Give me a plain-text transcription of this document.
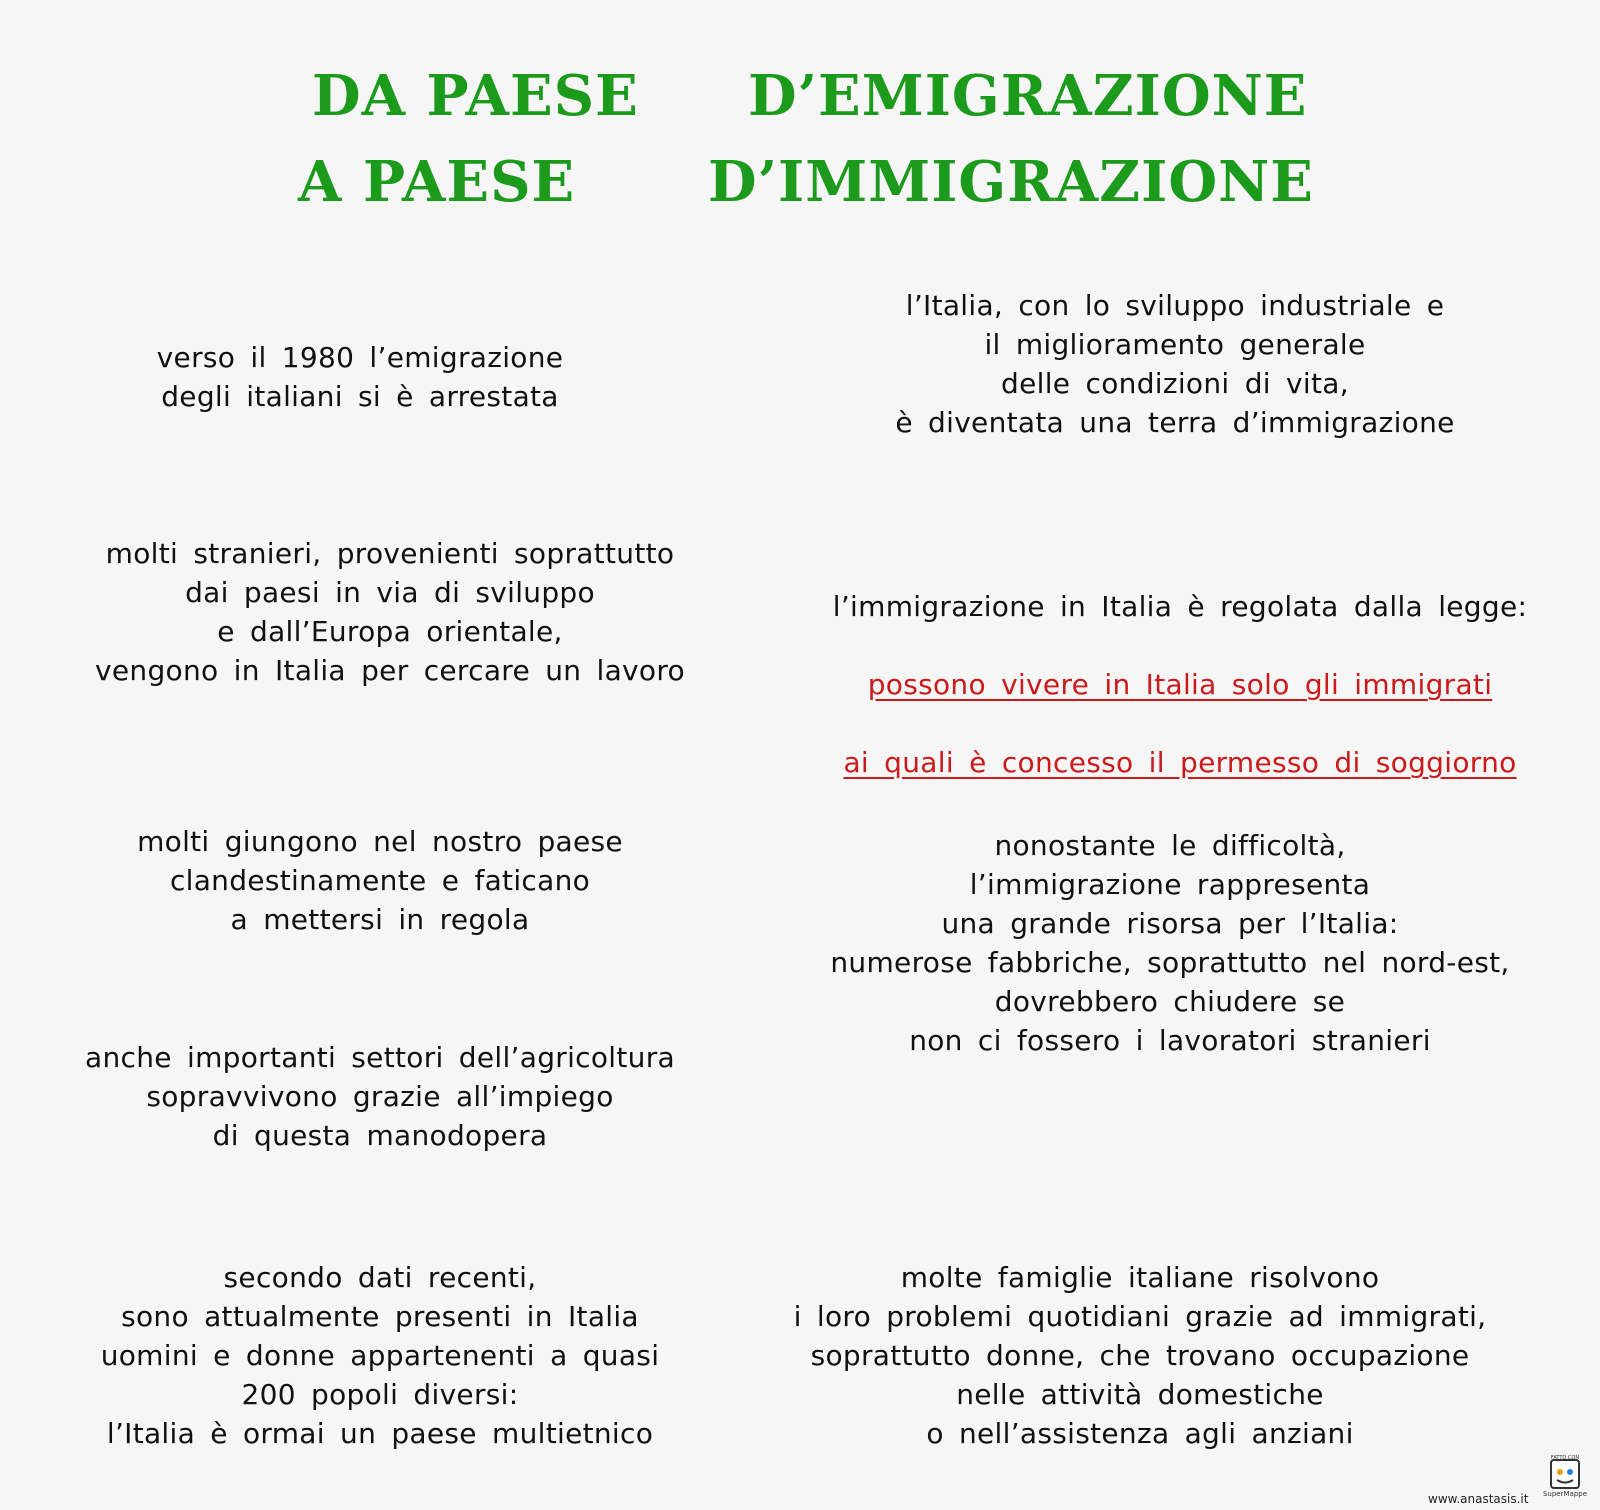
DA PAESE D’EMIGRAZIONE
A PAESE D’IMMIGRAZIONE
verso il 1980 l’emigrazione
degli italiani si è arrestata
molti stranieri, provenienti soprattutto
dai paesi in via di sviluppo
e dall’Europa orientale,
vengono in Italia per cercare un lavoro
molti giungono nel nostro paese
clandestinamente e faticano
a mettersi in regola
anche importanti settori dell’agricoltura
sopravvivono grazie all’impiego
di questa manodopera
secondo dati recenti,
sono attualmente presenti in Italia
uomini e donne appartenenti a quasi
200 popoli diversi:
l’Italia è ormai un paese multietnico
l’Italia, con lo sviluppo industriale e
il miglioramento generale
delle condizioni di vita,
è diventata una terra d’immigrazione

l’immigrazione in Italia è regolata dalla legge:

possono vivere in Italia solo gli immigrati

ai quali è concesso il permesso di soggiorno

nonostante le difficoltà,
l’immigrazione rappresenta
una grande risorsa per l’Italia:
numerose fabbriche, soprattutto nel nord-est,
dovrebbero chiudere se
non ci fossero i lavoratori stranieri
molte famiglie italiane risolvono
i loro problemi quotidiani grazie ad immigrati,
soprattutto donne, che trovano occupazione
nelle attività domestiche
o nell’assistenza agli anziani
FATTO CON
SuperMappe
www.anastasis.it
